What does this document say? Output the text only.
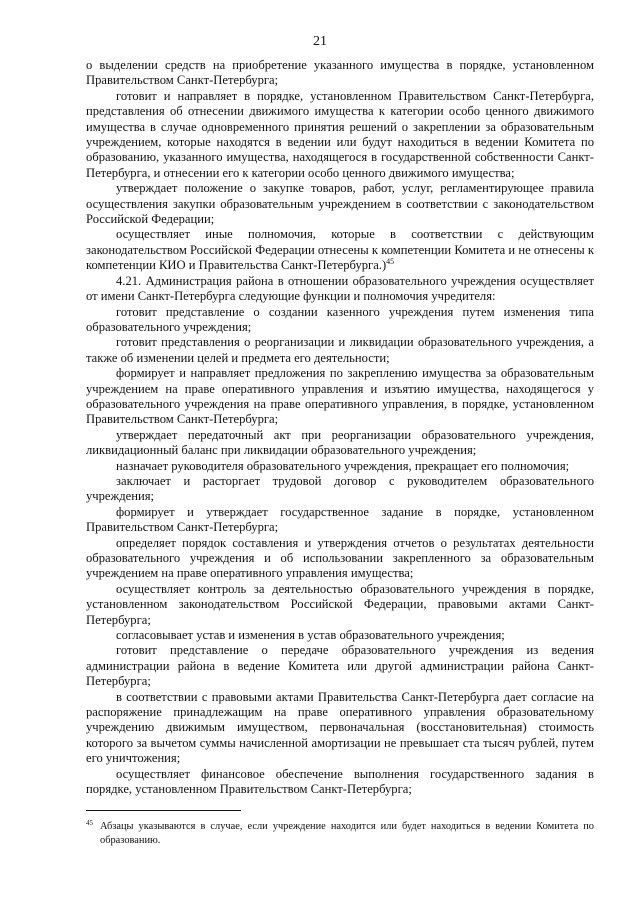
21

о выделении средств на приобретение указанного имущества в порядке, установленном Правительством Санкт-Петербурга;

готовит и направляет в порядке, установленном Правительством Санкт-Петербурга, представления об отнесении движимого имущества к категории особо ценного движимого имущества в случае одновременного принятия решений о закреплении за образовательным учреждением, которые находятся в ведении или будут находиться в ведении Комитета по образованию, указанного имущества, находящегося в государственной собственности Санкт-Петербурга, и отнесении его к категории особо ценного движимого имущества;

утверждает положение о закупке товаров, работ, услуг, регламентирующее правила осуществления закупки образовательным учреждением в соответствии с законодательством Российской Федерации;

осуществляет иные полномочия, которые в соответствии с действующим законодательством Российской Федерации отнесены к компетенции Комитета и не отнесены к компетенции КИО и Правительства Санкт-Петербурга.)$^{45}$

4.21. Администрация района в отношении образовательного учреждения осуществляет от имени Санкт-Петербурга следующие функции и полномочия учредителя:

готовит представление о создании казенного учреждения путем изменения типа образовательного учреждения;

готовит представления о реорганизации и ликвидации образовательного учреждения, а также об изменении целей и предмета его деятельности;

формирует и направляет предложения по закреплению имущества за образовательным учреждением на праве оперативного управления и изъятию имущества, находящегося у образовательного учреждения на праве оперативного управления, в порядке, установленном Правительством Санкт-Петербурга;

утверждает передаточный акт при реорганизации образовательного учреждения, ликвидационный баланс при ликвидации образовательного учреждения;

назначает руководителя образовательного учреждения, прекращает его полномочия;

заключает и расторгает трудовой договор с руководителем образовательного учреждения;

формирует и утверждает государственное задание в порядке, установленном Правительством Санкт-Петербурга;

определяет порядок составления и утверждения отчетов о результатах деятельности образовательного учреждения и об использовании закрепленного за образовательным учреждением на праве оперативного управления имущества;

осуществляет контроль за деятельностью образовательного учреждения в порядке, установленном законодательством Российской Федерации, правовыми актами Санкт-Петербурга;

согласовывает устав и изменения в устав образовательного учреждения;

готовит представление о передаче образовательного учреждения из ведения администрации района в ведение Комитета или другой администрации района Санкт-Петербурга;

в соответствии с правовыми актами Правительства Санкт-Петербурга дает согласие на распоряжение принадлежащим на праве оперативного управления образовательному учреждению движимым имуществом, первоначальная (восстановительная) стоимость которого за вычетом суммы начисленной амортизации не превышает ста тысяч рублей, путем его уничтожения;

осуществляет финансовое обеспечение выполнения государственного задания в порядке, установленном Правительством Санкт-Петербурга;

45 Абзацы указываются в случае, если учреждение находится или будет находиться в ведении Комитета по образованию.
